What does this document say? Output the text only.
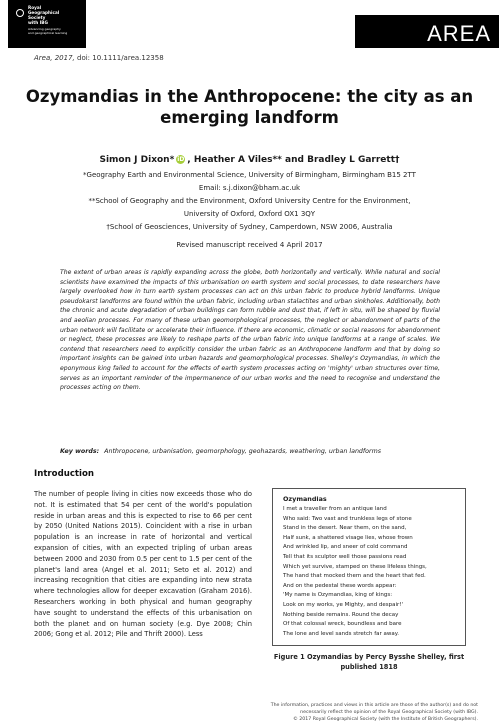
Royal
Geographical
Society
with IBG
Advancing geography
and geographical learning	AREA
Area, 2017, doi: 10.1111/area.12358
Ozymandias in the Anthropocene: the city as an emerging landform
Simon J Dixon* iD , Heather A Viles** and Bradley L Garrett†
*Geography Earth and Environmental Science, University of Birmingham, Birmingham B15 2TT
Email: s.j.dixon@bham.ac.uk
**School of Geography and the Environment, Oxford University Centre for the Environment,
University of Oxford, Oxford OX1 3QY
†School of Geosciences, University of Sydney, Camperdown, NSW 2006, Australia
Revised manuscript received 4 April 2017
The extent of urban areas is rapidly expanding across the globe, both horizontally and vertically. While natural and social scientists have examined the impacts of this urbanisation on earth system and social processes, to date researchers have largely overlooked how in turn earth system processes can act on this urban fabric to produce hybrid landforms. Unique pseudokarst landforms are found within the urban fabric, including urban stalactites and urban sinkholes. Additionally, both the chronic and acute degradation of urban buildings can form rubble and dust that, if left in situ, will be shaped by fluvial and aeolian processes. For many of these urban geomorphological processes, the neglect or abandonment of parts of the urban network will facilitate or accelerate their influence. If there are economic, climatic or social reasons for abandonment or neglect, these processes are likely to reshape parts of the urban fabric into unique landforms at a range of scales. We contend that researchers need to explicitly consider the urban fabric as an Anthropocene landform and that by doing so important insights can be gained into urban hazards and geomorphological processes. Shelley's Ozymandias, in which the eponymous king failed to account for the effects of earth system processes acting on 'mighty' urban structures over time, serves as an important reminder of the impermanence of our urban works and the need to recognise and understand the processes acting on them.
Key words: Anthropocene, urbanisation, geomorphology, geohazards, weathering, urban landforms
Introduction
The number of people living in cities now exceeds those who do not. It is estimated that 54 per cent of the world's population reside in urban areas and this is expected to rise to 66 per cent by 2050 (United Nations 2015). Coincident with a rise in urban population is an increase in rate of horizontal and vertical expansion of cities, with an expected tripling of urban areas between 2000 and 2030 from 0.5 per cent to 1.5 per cent of the planet's land area (Angel et al. 2011; Seto et al. 2012) and increasing recognition that cities are expanding into new strata where technologies allow for deeper excavation (Graham 2016). Researchers working in both physical and human geography have sought to understand the effects of this urbanisation on both the planet and on human society (e.g. Dye 2008; Chin 2006; Gong et al. 2012; Pile and Thrift 2000). Less
Ozymandias
I met a traveller from an antique land
Who said: Two vast and trunkless legs of stone
Stand in the desert. Near them, on the sand,
Half sunk, a shattered visage lies, whose frown
And wrinkled lip, and sneer of cold command
Tell that its sculptor well those passions read
Which yet survive, stamped on these lifeless things,
The hand that mocked them and the heart that fed.
And on the pedestal these words appear:
'My name is Ozymandias, king of kings:
Look on my works, ye Mighty, and despair!'
Nothing beside remains. Round the decay
Of that colossal wreck, boundless and bare
The lone and level sands stretch far away.
Figure 1 Ozymandias by Percy Bysshe Shelley, first published 1818
The information, practices and views in this article are those of the author(s) and do not
necessarily reflect the opinion of the Royal Geographical Society (with IBG).
© 2017 Royal Geographical Society (with the Institute of British Geographers).
